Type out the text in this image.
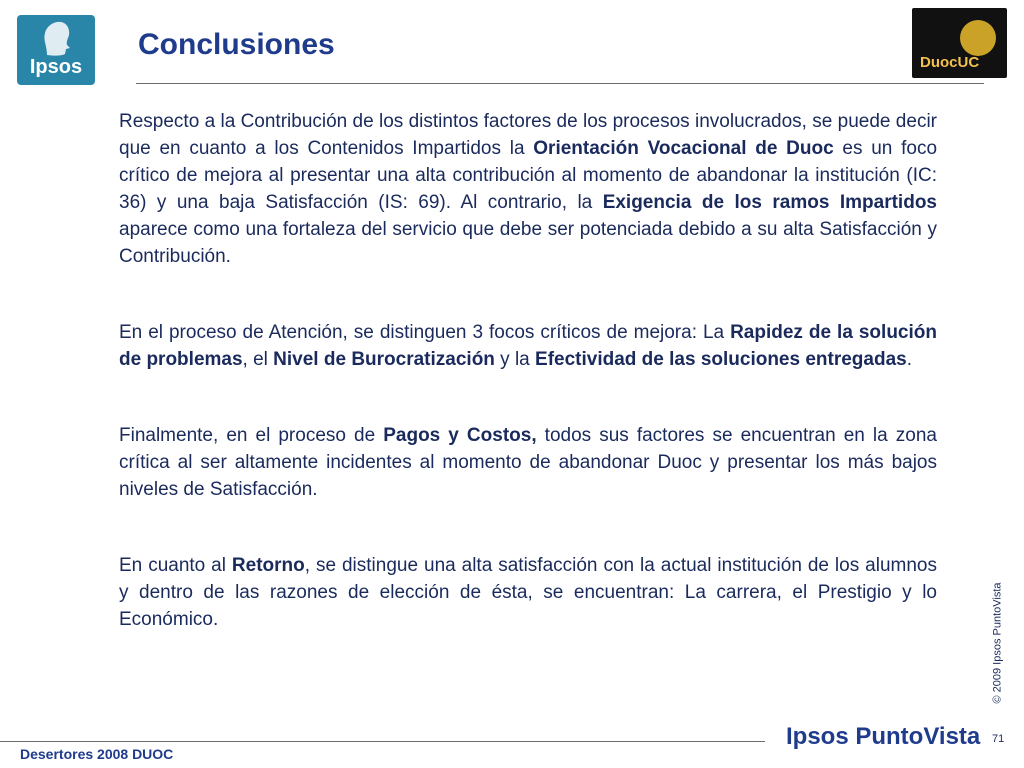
Ipsos
Conclusiones
DuocUC

Respecto a la Contribución de los distintos factores de los procesos involucrados, se puede decir que en cuanto a los Contenidos Impartidos la Orientación Vocacional de Duoc es un foco crítico de mejora al presentar una alta contribución al momento de abandonar la institución (IC: 36) y una baja Satisfacción (IS: 69). Al contrario, la Exigencia de los ramos Impartidos aparece como una fortaleza del servicio que debe ser potenciada debido a su alta Satisfacción y Contribución.

En el proceso de Atención, se distinguen 3 focos críticos de mejora: La Rapidez de la solución de problemas, el Nivel de Burocratización y la Efectividad de las soluciones entregadas.

Finalmente, en el proceso de Pagos y Costos, todos sus factores se encuentran en la zona crítica al ser altamente incidentes al momento de abandonar Duoc y presentar los más bajos niveles de Satisfacción.

En cuanto al Retorno, se distingue una alta satisfacción con la actual institución de los alumnos y dentro de las razones de elección de ésta, se encuentran: La carrera, el Prestigio y lo Económico.	© 2009 Ipsos PuntoVista
Desertores 2008 DUOC
Ipsos PuntoVista 71
